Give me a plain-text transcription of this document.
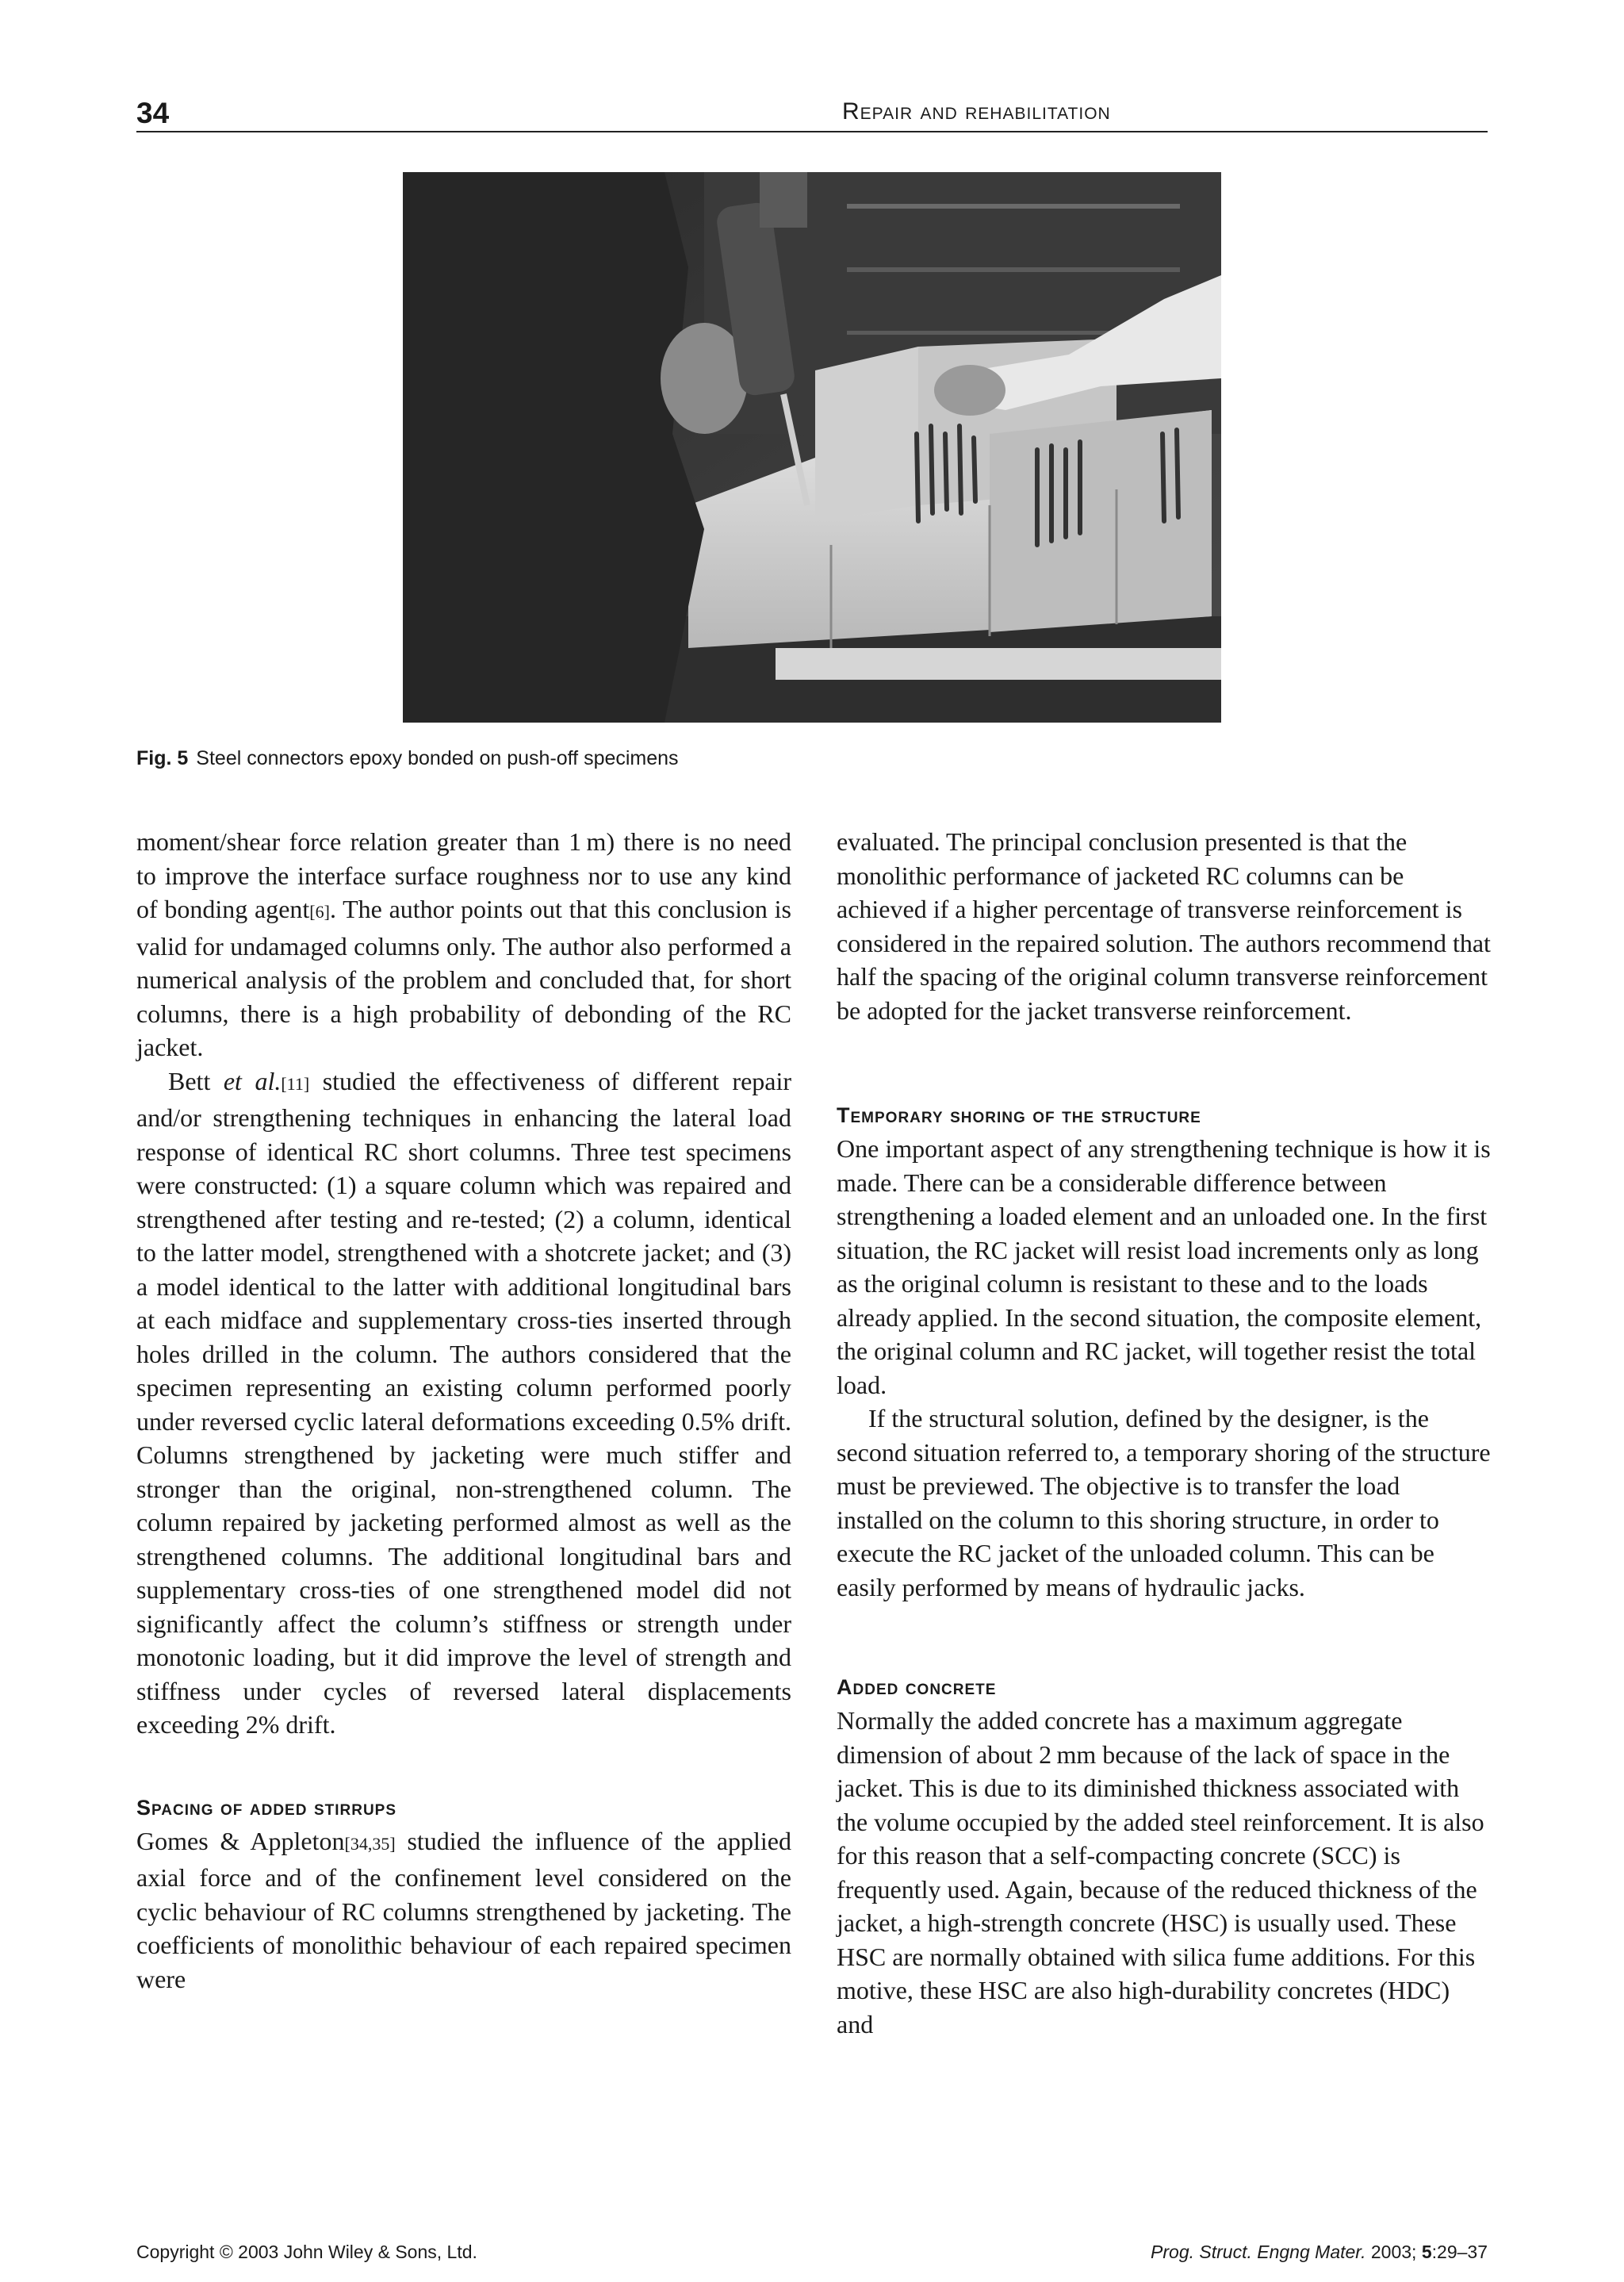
34	Repair and rehabilitation
Fig. 5 Steel connectors epoxy bonded on push-off specimens

moment/shear force relation greater than 1 m) there is no need to improve the interface surface roughness nor to use any kind of bonding agent[6]. The author points out that this conclusion is valid for undamaged columns only. The author also performed a numerical analysis of the problem and concluded that, for short columns, there is a high probability of debonding of the RC jacket.

Bett et al.[11] studied the effectiveness of different repair and/or strengthening techniques in enhancing the lateral load response of identical RC short columns. Three test specimens were constructed: (1) a square column which was repaired and strengthened after testing and re-tested; (2) a column, identical to the latter model, strengthened with a shotcrete jacket; and (3) a model identical to the latter with additional longitudinal bars at each midface and supplementary cross-ties inserted through holes drilled in the column. The authors considered that the specimen representing an existing column performed poorly under reversed cyclic lateral deformations exceeding 0.5% drift. Columns strengthened by jacketing were much stiffer and stronger than the original, non-strengthened column. The column repaired by jacketing performed almost as well as the strengthened columns. The additional longitudinal bars and supplementary cross-ties of one strengthened model did not significantly affect the column’s stiffness or strength under monotonic loading, but it did improve the level of strength and stiffness under cycles of reversed lateral displacements exceeding 2% drift.

Spacing of added stirrups

Gomes & Appleton[34,35] studied the influence of the applied axial force and of the confinement level considered on the cyclic behaviour of RC columns strengthened by jacketing. The coefficients of monolithic behaviour of each repaired specimen were

evaluated. The principal conclusion presented is that the monolithic performance of jacketed RC columns can be achieved if a higher percentage of transverse reinforcement is considered in the repaired solution. The authors recommend that half the spacing of the original column transverse reinforcement be adopted for the jacket transverse reinforcement.

Temporary shoring of the structure

One important aspect of any strengthening technique is how it is made. There can be a considerable difference between strengthening a loaded element and an unloaded one. In the first situation, the RC jacket will resist load increments only as long as the original column is resistant to these and to the loads already applied. In the second situation, the composite element, the original column and RC jacket, will together resist the total load.

If the structural solution, defined by the designer, is the second situation referred to, a temporary shoring of the structure must be previewed. The objective is to transfer the load installed on the column to this shoring structure, in order to execute the RC jacket of the unloaded column. This can be easily performed by means of hydraulic jacks.

Added concrete

Normally the added concrete has a maximum aggregate dimension of about 2 mm because of the lack of space in the jacket. This is due to its diminished thickness associated with the volume occupied by the added steel reinforcement. It is also for this reason that a self-compacting concrete (SCC) is frequently used. Again, because of the reduced thickness of the jacket, a high-strength concrete (HSC) is usually used. These HSC are normally obtained with silica fume additions. For this motive, these HSC are also high-durability concretes (HDC) and

Copyright © 2003 John Wiley & Sons, Ltd.	Prog. Struct. Engng Mater. 2003; 5:29–37
